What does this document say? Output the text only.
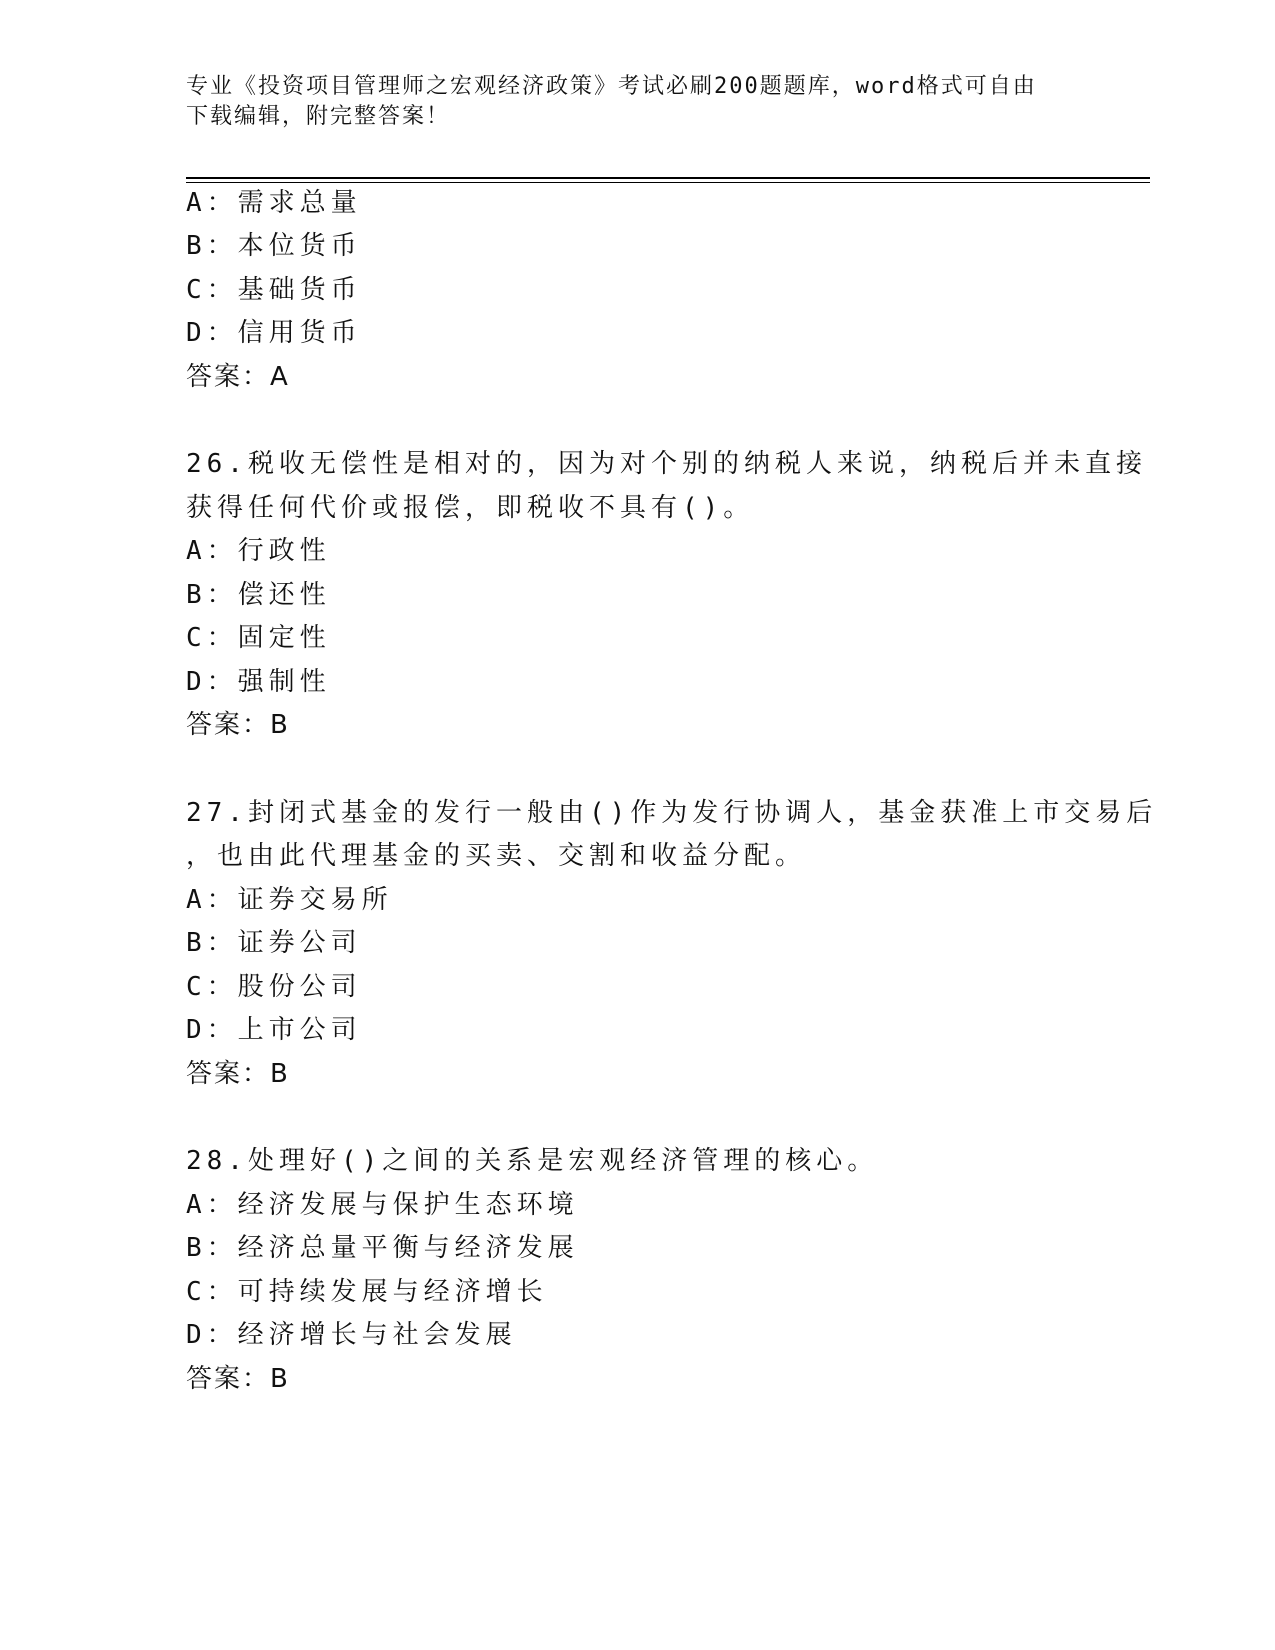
专业《投资项目管理师之宏观经济政策》考试必刷200题题库，word格式可自由
下载编辑，附完整答案！
A：需求总量
B：本位货币
C：基础货币
D：信用货币
答案：A
26.税收无偿性是相对的，因为对个别的纳税人来说，纳税后并未直接
获得任何代价或报偿，即税收不具有()。
A：行政性
B：偿还性
C：固定性
D：强制性
答案：B
27.封闭式基金的发行一般由()作为发行协调人，基金获准上市交易后
，也由此代理基金的买卖、交割和收益分配。
A：证券交易所
B：证券公司
C：股份公司
D：上市公司
答案：B
28.处理好()之间的关系是宏观经济管理的核心。
A：经济发展与保护生态环境
B：经济总量平衡与经济发展
C：可持续发展与经济增长
D：经济增长与社会发展
答案：B
